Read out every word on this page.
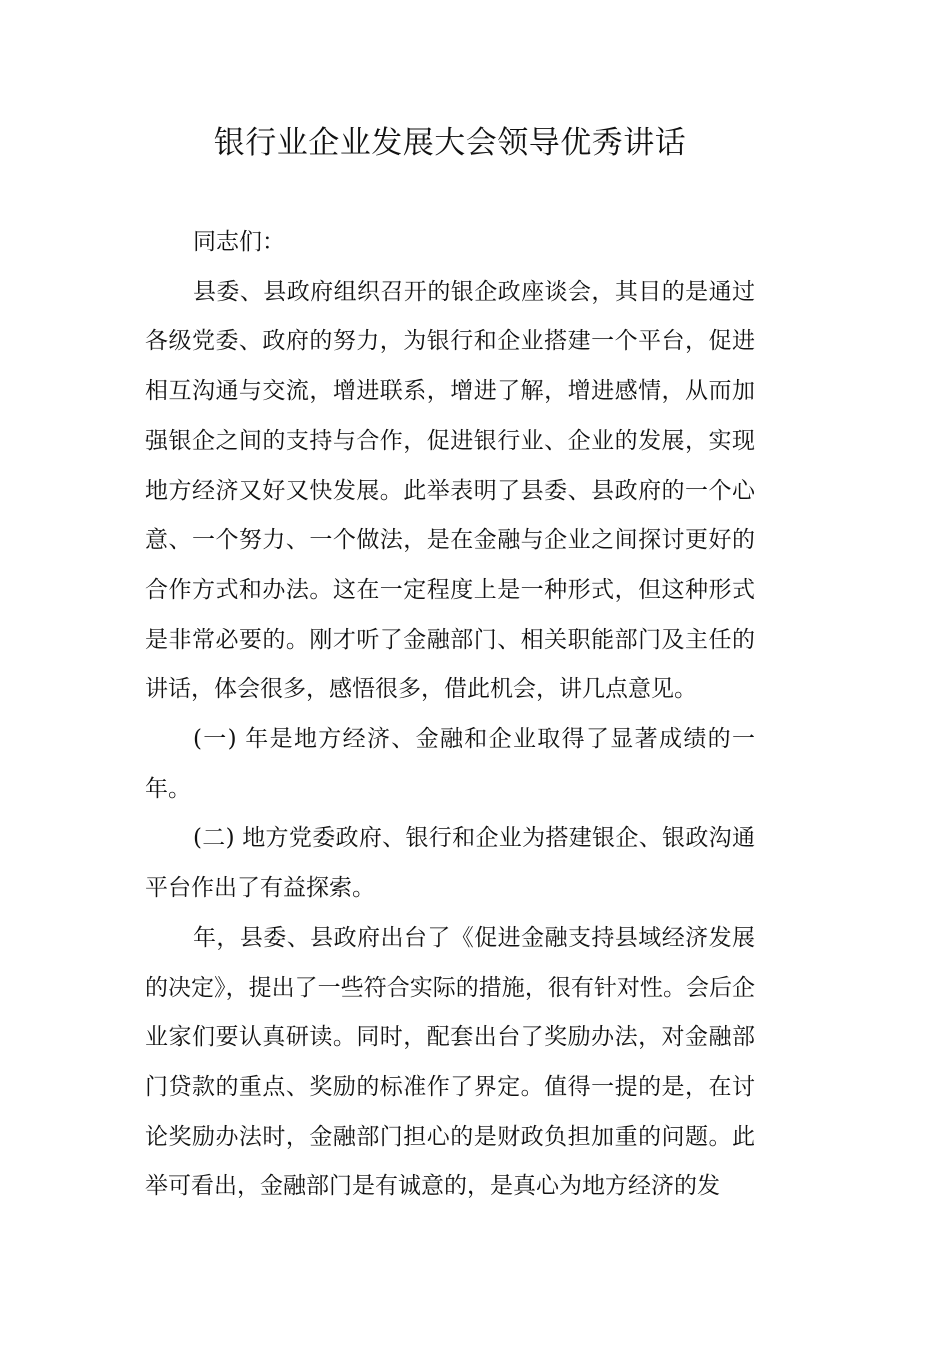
银行业企业发展大会领导优秀讲话

同志们：

县委、县政府组织召开的银企政座谈会，其目的是通过各级党委、政府的努力，为银行和企业搭建一个平台，促进相互沟通与交流，增进联系，增进了解，增进感情，从而加强银企之间的支持与合作，促进银行业、企业的发展，实现地方经济又好又快发展。此举表明了县委、县政府的一个心意、一个努力、一个做法，是在金融与企业之间探讨更好的合作方式和办法。这在一定程度上是一种形式，但这种形式是非常必要的。刚才听了金融部门、相关职能部门及主任的讲话，体会很多，感悟很多，借此机会，讲几点意见。

(一) 年是地方经济、金融和企业取得了显著成绩的一年。

(二) 地方党委政府、银行和企业为搭建银企、银政沟通平台作出了有益探索。

年，县委、县政府出台了《促进金融支持县域经济发展的决定》，提出了一些符合实际的措施，很有针对性。会后企业家们要认真研读。同时，配套出台了奖励办法，对金融部门贷款的重点、奖励的标准作了界定。值得一提的是，在讨论奖励办法时，金融部门担心的是财政负担加重的问题。此举可看出，金融部门是有诚意的，是真心为地方经济的发
